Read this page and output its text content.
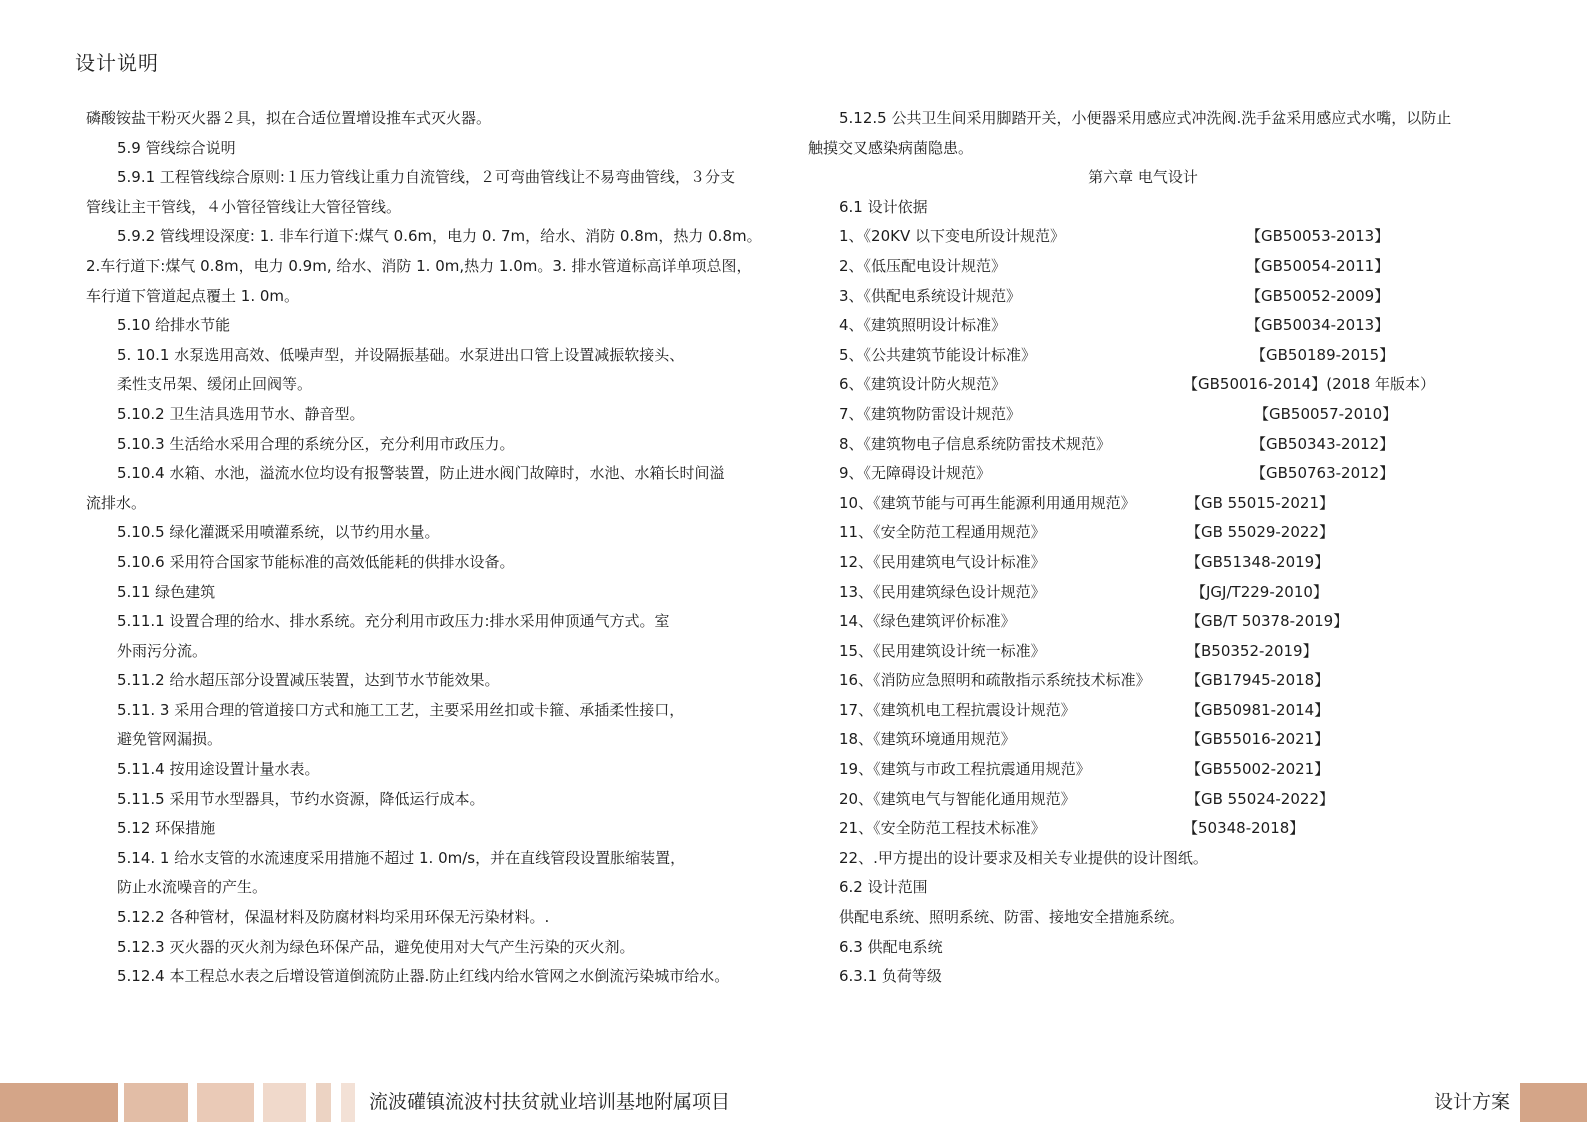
设计说明
磷酸铵盐干粉灭火器２具，拟在合适位置增设推车式灭火器。
5.9 管线综合说明
5.9.1 工程管线综合原则:１压力管线让重力自流管线，２可弯曲管线让不易弯曲管线，３分支
管线让主干管线，４小管径管线让大管径管线。
5.9.2 管线埋设深度: 1. 非车行道下:煤气 0.6m，电力 0. 7m，给水、消防 0.8m，热力 0.8m。
2.车行道下:煤气 0.8m，电力 0.9m, 给水、消防 1. 0m,热力 1.0m。3. 排水管道标高详单项总图，
车行道下管道起点覆土 1. 0m。
5.10 给排水节能
5. 10.1 水泵选用高效、低噪声型，并设隔振基础。水泵进出口管上设置减振软接头、
柔性支吊架、缓闭止回阀等。
5.10.2 卫生洁具选用节水、静音型。
5.10.3 生活给水采用合理的系统分区，充分利用市政压力。
5.10.4 水箱、水池，溢流水位均设有报警装置，防止进水阀门故障时，水池、水箱长时间溢
流排水。
5.10.5 绿化灌溉采用喷灌系统，以节约用水量。
5.10.6 采用符合国家节能标准的高效低能耗的供排水设备。
5.11 绿色建筑
5.11.1 设置合理的给水、排水系统。充分利用市政压力:排水采用伸顶通气方式。室
外雨污分流。
5.11.2 给水超压部分设置减压装置，达到节水节能效果。
5.11. 3 采用合理的管道接口方式和施工工艺，主要采用丝扣或卡箍、承插柔性接口，
避免管网漏损。
5.11.4 按用途设置计量水表。
5.11.5 采用节水型器具，节约水资源，降低运行成本。
5.12 环保措施
5.14. 1 给水支管的水流速度采用措施不超过 1. 0m/s，并在直线管段设置胀缩装置，
防止水流噪音的产生。
5.12.2 各种管材，保温材料及防腐材料均采用环保无污染材料。.
5.12.3 灭火器的灭火剂为绿色环保产品，避免使用对大气产生污染的灭火剂。
5.12.4 本工程总水表之后增设管道倒流防止器.防止红线内给水管网之水倒流污染城市给水。
5.12.5 公共卫生间采用脚踏开关，小便器采用感应式冲洗阀.洗手盆采用感应式水嘴，以防止
触摸交叉感染病菌隐患。
第六章 电气设计
6.1 设计依据
1、《20KV 以下变电所设计规范》	【GB50053-2013】
2、《低压配电设计规范》	【GB50054-2011】
3、《供配电系统设计规范》	【GB50052-2009】
4、《建筑照明设计标准》	【GB50034-2013】
5、《公共建筑节能设计标准》	【GB50189-2015】
6、《建筑设计防火规范》	【GB50016-2014】(2018 年版本）
7、《建筑物防雷设计规范》	【GB50057-2010】
8、《建筑物电子信息系统防雷技术规范》	【GB50343-2012】
9、《无障碍设计规范》	【GB50763-2012】
10、《建筑节能与可再生能源利用通用规范》	【GB 55015-2021】
11、《安全防范工程通用规范》	【GB 55029-2022】
12、《民用建筑电气设计标准》	【GB51348-2019】
13、《民用建筑绿色设计规范》	【JGJ/T229-2010】
14、《绿色建筑评价标准》	【GB/T 50378-2019】
15、《民用建筑设计统一标准》	【B50352-2019】
16、《消防应急照明和疏散指示系统技术标准》 【GB17945-2018】
17、《建筑机电工程抗震设计规范》	【GB50981-2014】
18、《建筑环境通用规范》	【GB55016-2021】
19、《建筑与市政工程抗震通用规范》	【GB55002-2021】
20、《建筑电气与智能化通用规范》	【GB 55024-2022】
21、《安全防范工程技术标准》	【50348-2018】
22、.甲方提出的设计要求及相关专业提供的设计图纸。
6.2 设计范围
供配电系统、照明系统、防雷、接地安全措施系统。
6.3 供配电系统
6.3.1 负荷等级
流波礶镇流波村扶贫就业培训基地附属项目	设计方案
